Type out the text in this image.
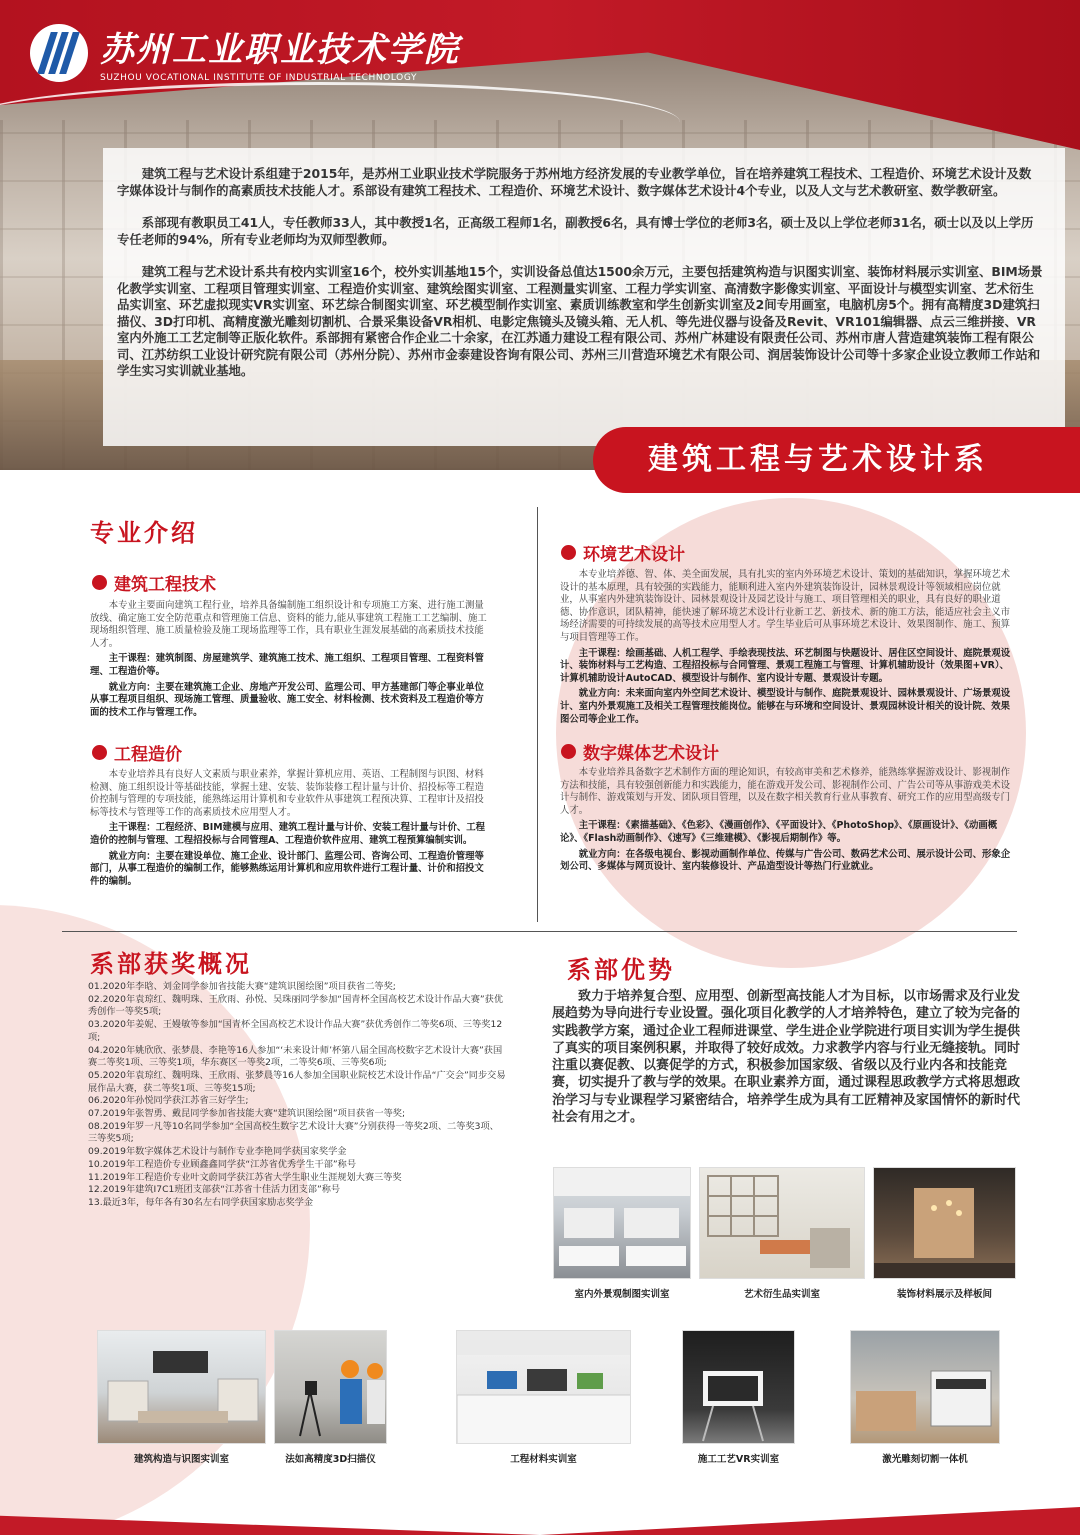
苏州工业职业技术学院
SUZHOU VOCATIONAL INSTITUTE OF INDUSTRIAL TECHNOLOGY

建筑工程与艺术设计系组建于2015年，是苏州工业职业技术学院服务于苏州地方经济发展的专业教学单位，旨在培养建筑工程技术、工程造价、环境艺术设计及数字媒体设计与制作的高素质技术技能人才。系部设有建筑工程技术、工程造价、环境艺术设计、数字媒体艺术设计4个专业，以及人文与艺术教研室、数学教研室。

系部现有教职员工41人，专任教师33人，其中教授1名，正高级工程师1名，副教授6名，具有博士学位的老师3名，硕士及以上学位老师31名，硕士以及以上学历专任老师的94%，所有专业老师均为双师型教师。

建筑工程与艺术设计系共有校内实训室16个，校外实训基地15个，实训设备总值达1500余万元，主要包括建筑构造与识图实训室、装饰材料展示实训室、BIM场景化教学实训室、工程项目管理实训室、工程造价实训室、建筑绘图实训室、工程测量实训室、工程力学实训室、高清数字影像实训室、平面设计与模型实训室、艺术衍生品实训室、环艺虚拟现实VR实训室、环艺综合制图实训室、环艺模型制作实训室、素质训练教室和学生创新实训室及2间专用画室，电脑机房5个。拥有高精度3D建筑扫描仪、3D打印机、高精度激光雕刻切割机、合景采集设备VR相机、电影定焦镜头及镜头箱、无人机、等先进仪器与设备及Revit、VR101编辑器、点云三维拼接、VR室内外施工工艺定制等正版化软件。系部拥有紧密合作企业二十余家，在江苏通力建设工程有限公司、苏州广林建设有限责任公司、苏州市唐人营造建筑装饰工程有限公司、江苏纺织工业设计研究院有限公司（苏州分院）、苏州市金泰建设咨询有限公司、苏州三川营造环境艺术有限公司、润居装饰设计公司等十多家企业设立教师工作站和学生实习实训就业基地。

建筑工程与艺术设计系
专业介绍
建筑工程技术

本专业主要面向建筑工程行业，培养具备编制施工组织设计和专项施工方案、进行施工测量放线、确定施工安全防范重点和管理施工信息、资料的能力,能从事建筑工程施工工艺编制、施工现场组织管理、施工质量检验及施工现场监理等工作，具有职业生涯发展基础的高素质技术技能人才。

主干课程：建筑制图、房屋建筑学、建筑施工技术、施工组织、工程项目管理、工程资料管理、工程造价等。

就业方向：主要在建筑施工企业、房地产开发公司、监理公司、甲方基建部门等企事业单位从事工程项目组织、现场施工管理、质量验收、施工安全、材料检测、技术资料及工程造价等方面的技术工作与管理工作。

工程造价

本专业培养具有良好人文素质与职业素养，掌握计算机应用、英语、工程制图与识图、材料检测、施工组织设计等基础技能，掌握土建、安装、装饰装修工程计量与计价、招投标等工程造价控制与管理的专项技能，能熟练运用计算机和专业软件从事建筑工程预决算、工程审计及招投标等技术与管理等工作的高素质技术应用型人才。

主干课程：工程经济、BIM建模与应用、建筑工程计量与计价、安装工程计量与计价、工程造价的控制与管理、工程招投标与合同管理A、工程造价软件应用、建筑工程预算编制实训。

就业方向：主要在建设单位、施工企业、设计部门、监理公司、咨询公司、工程造价管理等部门，从事工程造价的编制工作，能够熟练运用计算机和应用软件进行工程计量、计价和招投文件的编制。

环境艺术设计

本专业培养德、智、体、美全面发展，具有扎实的室内外环境艺术设计、策划的基础知识，掌握环境艺术设计的基本原理，具有较强的实践能力，能顺利进入室内外建筑装饰设计，园林景观设计等领域相应岗位就业，从事室内外建筑装饰设计、园林景观设计及园艺设计与施工、项目管理相关的职业，具有良好的职业道德、协作意识，团队精神，能快速了解环境艺术设计行业新工艺、新技术、新的施工方法，能适应社会主义市场经济需要的可持续发展的高等技术应用型人才。学生毕业后可从事环境艺术设计、效果图制作、施工、预算与项目管理等工作。

主干课程：绘画基础、人机工程学、手绘表现技法、环艺制图与快题设计、居住区空间设计、庭院景观设计、装饰材料与工艺构造、工程招投标与合同管理、景观工程施工与管理、计算机辅助设计（效果图+VR）、计算机辅助设计AutoCAD、模型设计与制作、室内设计专题、景观设计专题。

就业方向：未来面向室内外空间艺术设计、模型设计与制作、庭院景观设计、园林景观设计、广场景观设计、室内外景观施工及相关工程管理技能岗位。能够在与环境和空间设计、景观园林设计相关的设计院、效果图公司等企业工作。

数字媒体艺术设计

本专业培养具备数字艺术制作方面的理论知识，有较高审美和艺术修养，能熟练掌握游戏设计、影视制作方法和技能，具有较强创新能力和实践能力，能在游戏开发公司、影视制作公司、广告公司等从事游戏美术设计与制作、游戏策划与开发、团队项目管理，以及在数字相关教育行业从事教育、研究工作的应用型高级专门人才。

主干课程：《素描基础》、《色彩》、《漫画创作》、《平面设计》、《PhotoShop》、《原画设计》、《动画概论》、《Flash动画制作》、《速写》《三维建模》、《影视后期制作》等。

就业方向：在各级电视台、影视动画制作单位、传媒与广告公司、数码艺术公司、展示设计公司、形象企划公司、多媒体与网页设计、室内装修设计、产品造型设计等热门行业就业。

系部获奖概况
01.2020年李晗、刘金同学参加省技能大赛“建筑识图绘图”项目获省二等奖;
02.2020年袁琼红、魏明珠、王欣雨、孙悦、吴珠丽同学参加“国青杯全国高校艺术设计作品大赛”获优秀创作一等奖5项;
03.2020年姜妮、王嫚敏等参加“国青杯全国高校艺术设计作品大赛”获优秀创作二等奖6项、三等奖12项;
04.2020年姚欣欣、张梦晨、李艳等16人参加“‘未来设计师’杯第八届全国高校数字艺术设计大赛”获国赛二等奖1项、三等奖1项，华东赛区一等奖2项，二等奖6项、三等奖6项;
05.2020年袁琼红、魏明珠、王欣雨、张梦晨等16人参加全国职业院校艺术设计作品“广交会”同步交易展作品大赛，获二等奖1项、三等奖15项;
06.2020年孙悦同学获江苏省三好学生;
07.2019年张智勇、戴昆同学参加省技能大赛“建筑识图绘图”项目获省一等奖;
08.2019年罗一凡等10名同学参加“全国高校生数字艺术设计大赛”分别获得一等奖2项、二等奖3项、三等奖5项;
09.2019年数字媒体艺术设计与制作专业李艳同学获国家奖学金
10.2019年工程造价专业顾鑫鑫同学获“江苏省优秀学生干部”称号
11.2019年工程造价专业叶文蔚同学获江苏省大学生职业生涯规划大赛三等奖
12.2019年建筑I7C1班团支部获“江苏省十佳活力团支部”称号
13.最近3年，每年各有30名左右同学获国家励志奖学金
系部优势
致力于培养复合型、应用型、创新型高技能人才为目标，以市场需求及行业发展趋势为导向进行专业设置。强化项目化教学的人才培养特色，建立了较为完备的实践教学方案，通过企业工程师进课堂、学生进企业学院进行项目实训为学生提供了真实的项目案例积累，并取得了较好成效。力求教学内容与行业无缝接轨。同时注重以赛促教、以赛促学的方式，积极参加国家级、省级以及行业内各和技能竞赛，切实提升了教与学的效果。在职业素养方面，通过课程思政教学方式将思想政治学习与专业课程学习紧密结合，培养学生成为具有工匠精神及家国情怀的新时代社会有用之才。
室内外景观制图实训室	艺术衍生品实训室	装饰材料展示及样板间
建筑构造与识图实训室	法如高精度3D扫描仪	工程材料实训室	施工工艺VR实训室	激光雕刻切割一体机
